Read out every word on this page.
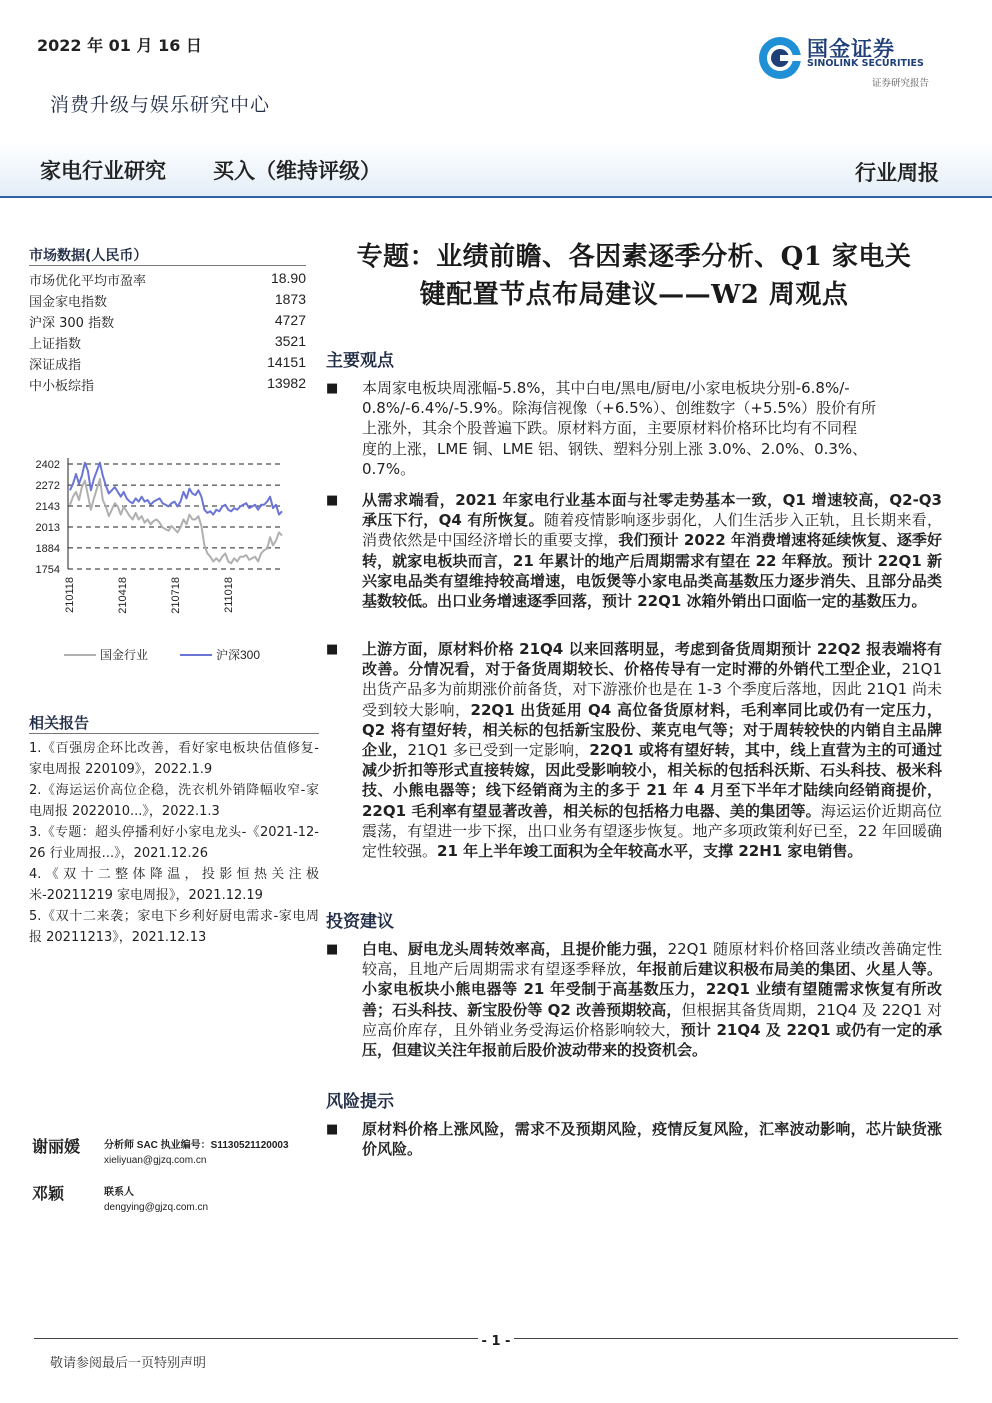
2022 年 01 月 16 日
消费升级与娱乐研究中心
国金证券
SINOLINK SECURITIES
证券研究报告
家电行业研究 买入（维持评级）	行业周报
市场数据(人民币）
市场优化平均市盈率	18.90
国金家电指数	1873
沪深 300 指数	4727
上证指数	3521
深证成指	14151
中小板综指	13982
2402
2272
2143
2013
1884
1754
210118	210418	210718	211018
国金行业	沪深300
相关报告
1.《百强房企环比改善，看好家电板块估值修复-家电周报 220109》，2022.1.9
2.《海运运价高位企稳，洗衣机外销降幅收窄-家电周报 2022010...》，2022.1.3
3.《专题：超头停播利好小家电龙头-《2021-12-26 行业周报...》，2021.12.26
4.《双十二整体降温，投影恒热关注极米-20211219 家电周报》，2021.12.19
5.《双十二来袭；家电下乡利好厨电需求-家电周报 20211213》，2021.12.13
谢丽媛 分析师 SAC 执业编号：S1130521120003
xieliyuan@gjzq.com.cn
邓颖	联系人
dengying@gjzq.com.cn
专题：业绩前瞻、各因素逐季分析、Q1 家电关
键配置节点布局建议——W2 周观点
主要观点
■	本周家电板块周涨幅-5.8%，其中白电/黑电/厨电/小家电板块分别-6.8%/-
0.8%/-6.4%/-5.9%。除海信视像（+6.5%）、创维数字（+5.5%）股价有所
上涨外，其余个股普遍下跌。原材料方面，主要原材料价格环比均有不同程
度的上涨，LME 铜、LME 铝、钢铁、塑料分别上涨 3.0%、2.0%、0.3%、
0.7%。
■	从需求端看，2021 年家电行业基本面与社零走势基本一致，Q1 增速较高，Q2-Q3 承压下行，Q4 有所恢复。随着疫情影响逐步弱化，人们生活步入正轨，且长期来看，消费依然是中国经济增长的重要支撑，我们预计 2022 年消费增速将延续恢复、逐季好转，就家电板块而言，21 年累计的地产后周期需求有望在 22 年释放。预计 22Q1 新兴家电品类有望维持较高增速，电饭煲等小家电品类高基数压力逐步消失、且部分品类基数较低。出口业务增速逐季回落，预计 22Q1 冰箱外销出口面临一定的基数压力。
■	上游方面，原材料价格 21Q4 以来回落明显，考虑到备货周期预计 22Q2 报表端将有改善。分情况看，对于备货周期较长、价格传导有一定时滞的外销代工型企业，21Q1 出货产品多为前期涨价前备货，对下游涨价也是在 1-3 个季度后落地，因此 21Q1 尚未受到较大影响，22Q1 出货延用 Q4 高位备货原材料，毛利率同比或仍有一定压力，Q2 将有望好转，相关标的包括新宝股份、莱克电气等；对于周转较快的内销自主品牌企业，21Q1 多已受到一定影响，22Q1 或将有望好转，其中，线上直营为主的可通过减少折扣等形式直接转嫁，因此受影响较小，相关标的包括科沃斯、石头科技、极米科技、小熊电器等；线下经销商为主的多于 21 年 4 月至下半年才陆续向经销商提价，22Q1 毛利率有望显著改善，相关标的包括格力电器、美的集团等。海运运价近期高位震荡，有望进一步下探，出口业务有望逐步恢复。地产多项政策利好已至，22 年回暖确定性较强。21 年上半年竣工面积为全年较高水平，支撑 22H1 家电销售。
投资建议
■	白电、厨电龙头周转效率高，且提价能力强，22Q1 随原材料价格回落业绩改善确定性较高，且地产后周期需求有望逐季释放，年报前后建议积极布局美的集团、火星人等。小家电板块小熊电器等 21 年受制于高基数压力，22Q1 业绩有望随需求恢复有所改善；石头科技、新宝股份等 Q2 改善预期较高，但根据其备货周期，21Q4 及 22Q1 对应高价库存，且外销业务受海运价格影响较大，预计 21Q4 及 22Q1 或仍有一定的承压，但建议关注年报前后股价波动带来的投资机会。
风险提示
■	原材料价格上涨风险，需求不及预期风险，疫情反复风险，汇率波动影响，芯片缺货涨价风险。
- 1 -
敬请参阅最后一页特别声明
